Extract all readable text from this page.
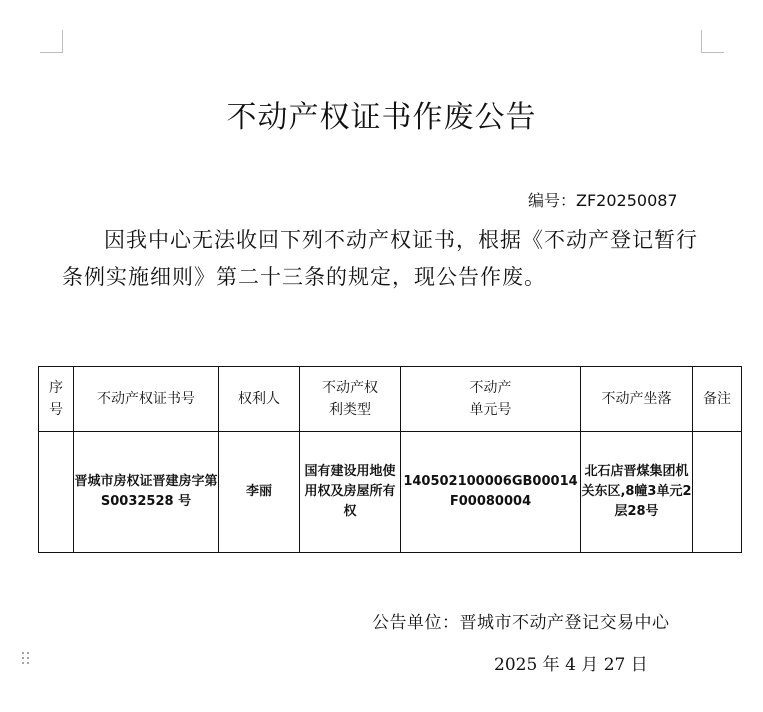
不动产权证书作废公告
编号：ZF20250087
因我中心无法收回下列不动产权证书，根据《不动产登记暂行条例实施细则》第二十三条的规定，现公告作废。
序号	不动产权证书号	权利人	不动产权利类型	不动产单元号	不动产坐落	备注
	晋城市房权证晋建房字第 S0032528 号	李丽	国有建设用地使用权及房屋所有权	140502100006GB00014F00080004	北石店晋煤集团机关东区,8幢3单元2层28号	
公告单位：晋城市不动产登记交易中心
2025 年 4 月 27 日
